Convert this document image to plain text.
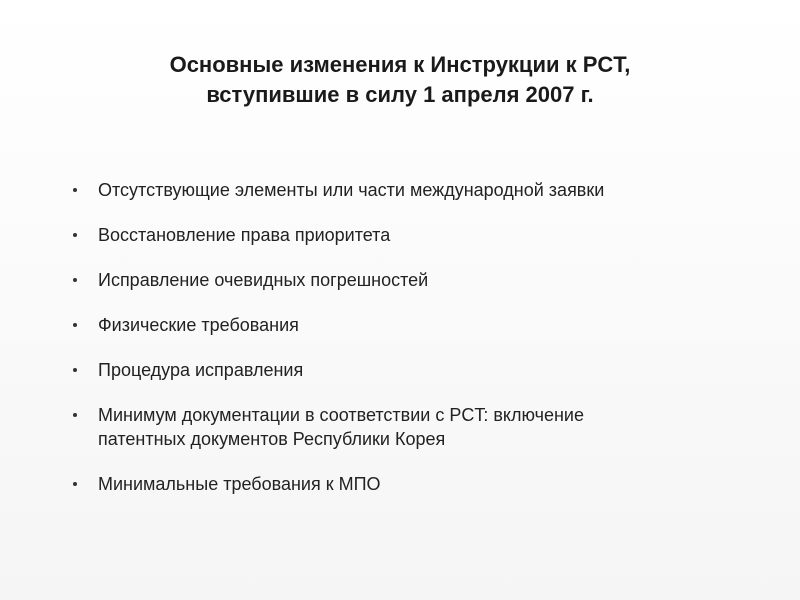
Основные изменения к Инструкции к PCT,
вступившие в силу 1 апреля 2007 г.
Отсутствующие элементы или части международной заявки
Восстановление права приоритета
Исправление очевидных погрешностей
Физические требования
Процедура исправления
Минимум документации в соответствии с PCT: включение
патентных документов Республики Корея
Минимальные требования к МПО
